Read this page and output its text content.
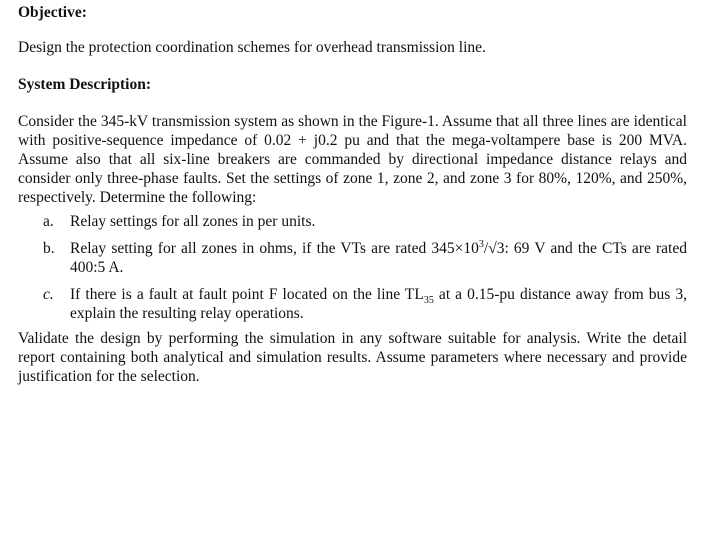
Objective:

Design the protection coordination schemes for overhead transmission line.

System Description:

Consider the 345-kV transmission system as shown in the Figure-1. Assume that all three lines are identical with positive-sequence impedance of 0.02 + j0.2 pu and that the mega-voltampere base is 200 MVA. Assume also that all six-line breakers are commanded by directional impedance distance relays and consider only three-phase faults. Set the settings of zone 1, zone 2, and zone 3 for 80%, 120%, and 250%, respectively. Determine the following:

a. Relay settings for all zones in per units.
b. Relay setting for all zones in ohms, if the VTs are rated $345\times 10^3/√3$: 69 V and the CTs are rated 400:5 A.
c. If there is a fault at fault point F located on the line $TL_{35}$ at a 0.15-pu distance away from bus 3, explain the resulting relay operations.

Validate the design by performing the simulation in any software suitable for analysis. Write the detail report containing both analytical and simulation results. Assume parameters where necessary and provide justification for the selection.
